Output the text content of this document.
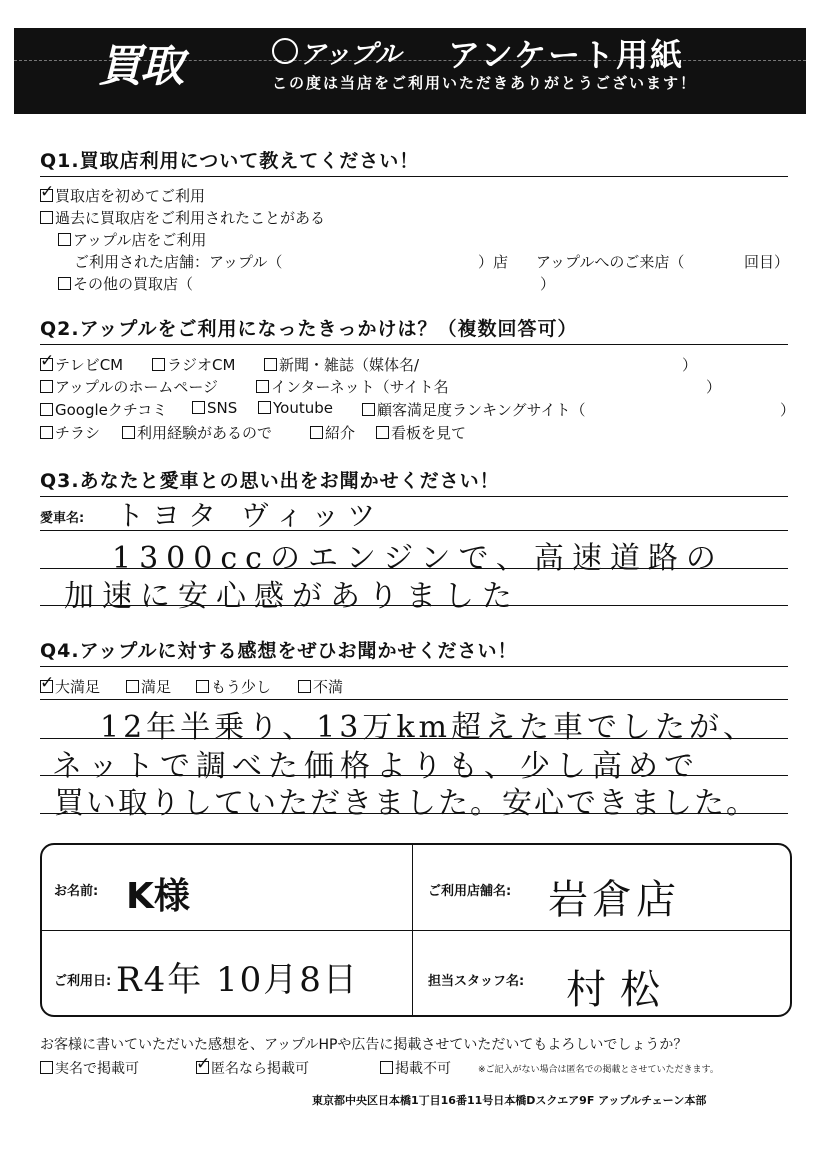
買取	アップル アンケート用紙
この度は当店をご利用いただきありがとうございます！
Q1.買取店利用について教えてください！
✓買取店を初めてご利用
過去に買取店をご利用されたことがある
アップル店をご利用
ご利用された店舗：アップル（	）店 アップルへのご来店（	回目）
その他の買取店（	）
Q2.アップルをご利用になったきっかけは？（複数回答可）
✓テレビCM	ラジオCM	新聞・雑誌（媒体名/	）
アップルのホームページ	インターネット（サイト名	）
Googleクチコミ	SNS	Youtube	顧客満足度ランキングサイト（	）
チラシ	利用経験があるので	紹介	看板を見て
Q3.あなたと愛車との思い出をお聞かせください！
愛車名: トヨタ ヴィッツ
1300ccのエンジンで、高速道路の
加速に安心感がありました
Q4.アップルに対する感想をぜひお聞かせください！
✓大満足	満足	もう少し	不満
12年半乗り、13万km超えた車でしたが、
ネットで調べた価格よりも、少し高めで
買い取りしていただきました。安心できました。
お名前: K様	ご利用店舗名: 岩倉店
ご利用日: R4年 10月8日	担当スタッフ名: 村松
お客様に書いていただいた感想を、アップルHPや広告に掲載させていただいてもよろしいでしょうか？
実名で掲載可
✓	匿名なら掲載可	掲載不可	※ご記入がない場合は匿名での掲載とさせていただきます。
東京都中央区日本橋1丁目16番11号日本橋Dスクエア9F アップルチェーン本部
